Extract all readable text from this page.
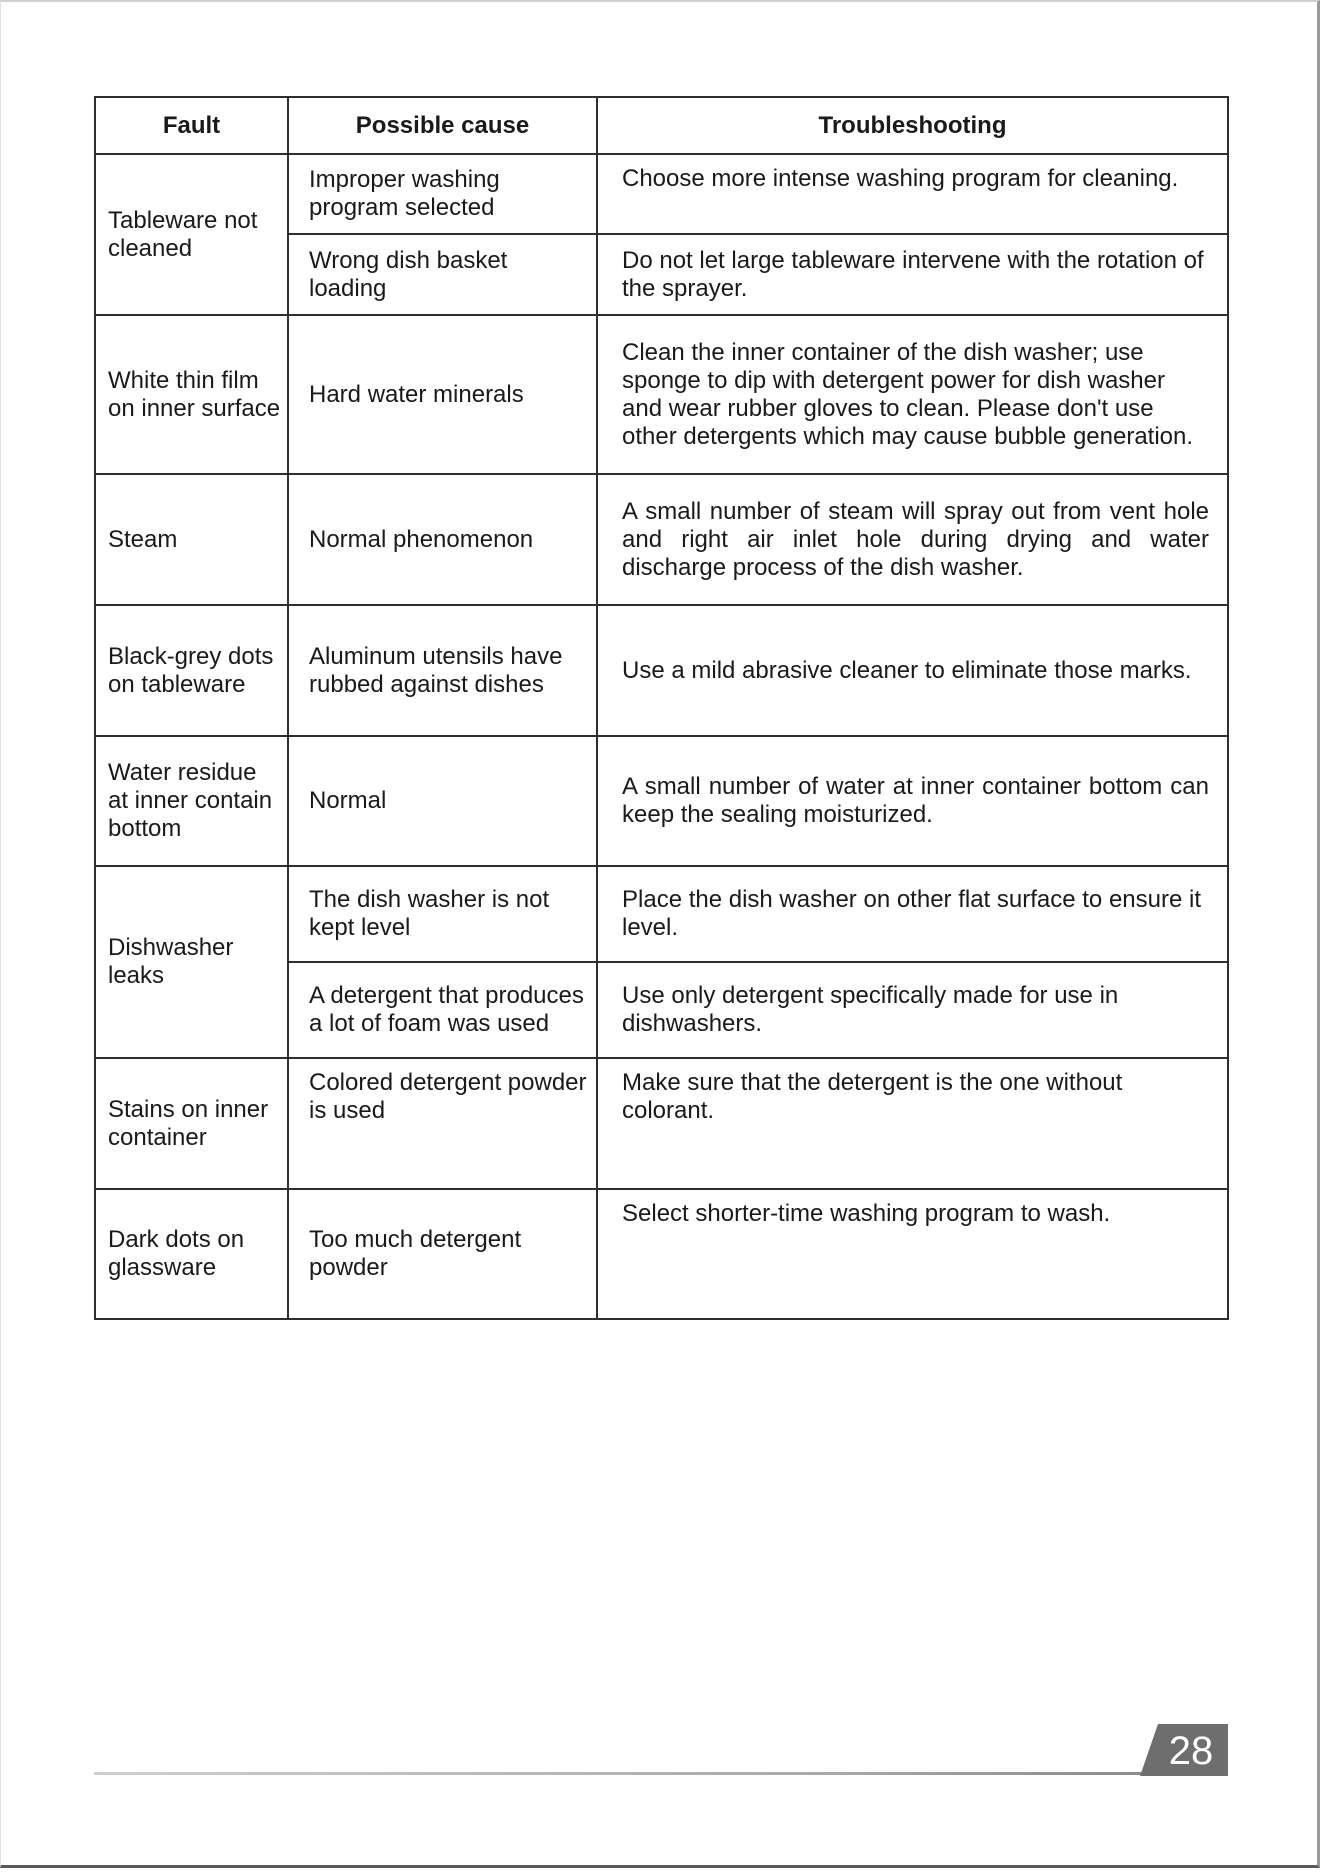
Fault	Possible cause	Troubleshooting
Tableware not cleaned	Improper washing program selected	Choose more intense washing program for cleaning.
	Wrong dish basket loading	Do not let large tableware intervene with the rotation of the sprayer.
White thin film on inner surface	Hard water minerals	Clean the inner container of the dish washer; use sponge to dip with detergent power for dish washer and wear rubber gloves to clean. Please don't use other detergents which may cause bubble generation.
Steam	Normal phenomenon	A small number of steam will spray out from vent hole and right air inlet hole during drying and water discharge process of the dish washer.
Black-grey dots on tableware	Aluminum utensils have rubbed against dishes	Use a mild abrasive cleaner to eliminate those marks.
Water residue at inner contain bottom	Normal	A small number of water at inner container bottom can keep the sealing moisturized.
Dishwasher leaks	The dish washer is not kept level	Place the dish washer on other flat surface to ensure it level.
	A detergent that produces a lot of foam was used	Use only detergent specifically made for use in dishwashers.
Stains on inner container	Colored detergent powder is used	Make sure that the detergent is the one without colorant.
Dark dots on glassware	Too much detergent powder	Select shorter-time washing program to wash.
28
